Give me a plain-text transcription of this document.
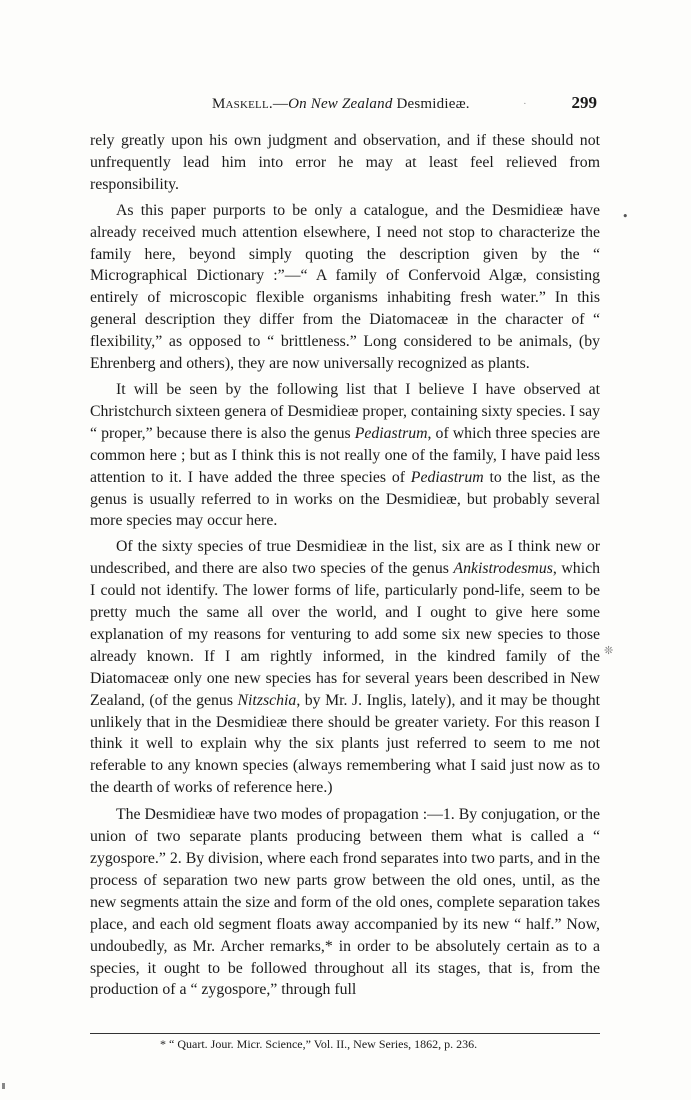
Maskell.—On New Zealand Desmidieæ.	·	299
•
❊

rely greatly upon his own judgment and observation, and if these should not unfrequently lead him into error he may at least feel relieved from responsibility.

As this paper purports to be only a catalogue, and the Desmidieæ have already received much attention elsewhere, I need not stop to characterize the family here, beyond simply quoting the description given by the “ Micrographical Dictionary :”—“ A family of Confervoid Algæ, consisting entirely of microscopic flexible organisms inhabiting fresh water.” In this general description they differ from the Diatomaceæ in the character of “ flexibility,” as opposed to “ brittleness.” Long considered to be animals, (by Ehrenberg and others), they are now universally recognized as plants.

It will be seen by the following list that I believe I have observed at Christchurch sixteen genera of Desmidieæ proper, containing sixty species. I say “ proper,” because there is also the genus Pediastrum, of which three species are common here ; but as I think this is not really one of the family, I have paid less attention to it. I have added the three species of Pediastrum to the list, as the genus is usually referred to in works on the Desmidieæ, but probably several more species may occur here.

Of the sixty species of true Desmidieæ in the list, six are as I think new or undescribed, and there are also two species of the genus Ankistrodesmus, which I could not identify. The lower forms of life, particularly pond-life, seem to be pretty much the same all over the world, and I ought to give here some explanation of my reasons for venturing to add some six new species to those already known. If I am rightly informed, in the kindred family of the Diatomaceæ only one new species has for several years been described in New Zealand, (of the genus Nitzschia, by Mr. J. Inglis, lately), and it may be thought unlikely that in the Desmidieæ there should be greater variety. For this reason I think it well to explain why the six plants just referred to seem to me not referable to any known species (always remembering what I said just now as to the dearth of works of reference here.)

The Desmidieæ have two modes of propagation :—1. By conjugation, or the union of two separate plants producing between them what is called a “ zygospore.” 2. By division, where each frond separates into two parts, and in the process of separation two new parts grow between the old ones, until, as the new segments attain the size and form of the old ones, complete separation takes place, and each old segment floats away accompanied by its new “ half.” Now, undoubedly, as Mr. Archer remarks,* in order to be absolutely certain as to a species, it ought to be followed throughout all its stages, that is, from the production of a “ zygospore,” through full

* “ Quart. Jour. Micr. Science,” Vol. II., New Series, 1862, p. 236.
